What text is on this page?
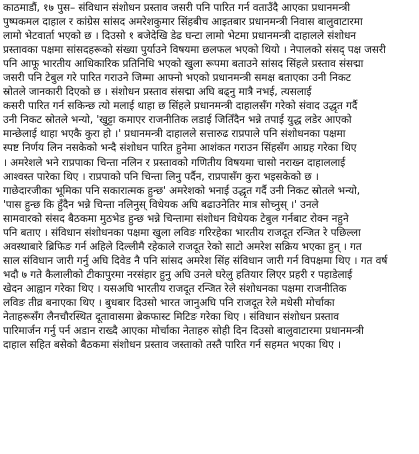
काठमाडौं, १७ पुस– संविधान संशोधन प्रस्ताव जसरी पनि पारित गर्न वताउँदै आएका प्रधानमन्त्री
पुष्पकमल दाहाल र कांग्रेस सांसद अमरेशकुमार सिंहबीच आइतबार प्रधानमन्त्री निवास बालुवाटारमा
लामो भेटवार्ता भएको छ । दिउसो १ बजेदेखि डेढ घन्टा लामो भेटमा प्रधानमन्त्री दाहालले संशोधन
प्रस्तावका पक्षमा सांसदहरूको संख्या पुर्याउने विषयमा छलफल भएको थियो । नेपालको संसद् पक्ष जसरी
पनि आफू भारतीय आधिकारिक प्रतिनिधि भएको खुला रूपमा बताउने सांसद सिंहले प्रस्ताव संसद्मा
जसरी पनि टेबुल गरे पारित गराउने जिम्मा आफ्नो भएको प्रधानमन्त्री समक्ष बताएका उनी निकट
स्रोतले जानकारी दिएको छ । संशोधन प्रस्ताव संसद्मा अघि बढ्नु मात्रै नभई, त्यसलाई
कसरी पारित गर्न सकिन्छ त्यो मलाई थाहा छ सिंहले प्रधानमन्त्री दाहालसँग गरेको संवाद उद्धृत गर्दै
उनी निकट स्रोतले भन्यो, 'खुट्टा कमाएर राजनीतिक लडाई जितिँदैन भन्ने तपाई युद्ध लडेर आएको
मान्छेलाई थाहा भएकै कुरा हो ।' प्रधानमन्त्री दाहालले सत्तारुढ राप्रपाले पनि संशोधनका पक्षमा
स्पष्ट निर्णय लिन नसकेको भन्दै संशोधन पारित हुनेमा आशंकत गराउन सिंहसँग आग्रह गरेका थिए
। अमरेशले भने राप्रपाका चिन्ता नलिन र प्रस्तावको गणितीय विषयमा चासो नराख्न दाहाललाई
आश्वस्त पारेका थिए । राप्रपाको पनि चिन्ता लिनु पर्दैन, राप्रपासँग कुरा भइसकेको छ ।
गाछेदारजीका भूमिका पनि सकारात्मक हुन्छ' अमरेशको भनाई उद्धृत गर्दै उनी निकट स्रोतले भन्यो,
'पास हुन्छ कि हुँदैन भन्ने चिन्ता नलिनुस् विधेयक अघि बढाउनेतिर मात्र सोच्नुस् ।' उनले
सामवारको संसद बैठकमा मुठभेड हुन्छ भन्ने चिन्तामा संशोधन विधेयक टेबुल गर्नबाट रोक्न नहुने
पनि बताए । संविधान संशोधनका पक्षमा खुला लविङ गरिरहेका भारतीय राजदूत रन्जित रे पछिल्ला
अवस्थाबारे ब्रिफिङ गर्न अहिले दिल्लीमै रहेकाले राजदूत रेको साटो अमरेश सक्रिय भएका हुन् । गत
साल संविधान जारी गर्नु अघि दिवेड नै पनि सांसद अमरेश सिंह संविधान जारी गर्न विपक्षमा थिए । गत वर्ष
भदौ ७ गते कैलालीको टीकापुरमा नरसंहार हुनु अघि उनले घरेलु हतियार लिएर प्रहरी र पहाडेलाई
खेदन आह्वान गरेका थिए । यसअघि भारतीय राजदूत रन्जित रेले संशोधनका पक्षमा राजनीतिक
लविङ तीव्र बनाएका थिए । बुधबार दिउसो भारत जानुअघि पनि राजदूत रेले मधेसी मोर्चाका
नेताहरूसँग लैनचौरस्थित दूतावासमा ब्रेकफास्ट मिटिङ गरेका थिए । संविधान संशोधन प्रस्ताव
पारिमार्जन गर्नु पर्न अडान राख्दै आएका मोर्चाका नेताहरु सोही दिन दिउसो बालुवाटारमा प्रधानमन्त्री
दाहाल सहित बसेको बैठकमा संशोधन प्रस्ताव जस्ताको तस्तै पारित गर्न सहमत भएका थिए ।
